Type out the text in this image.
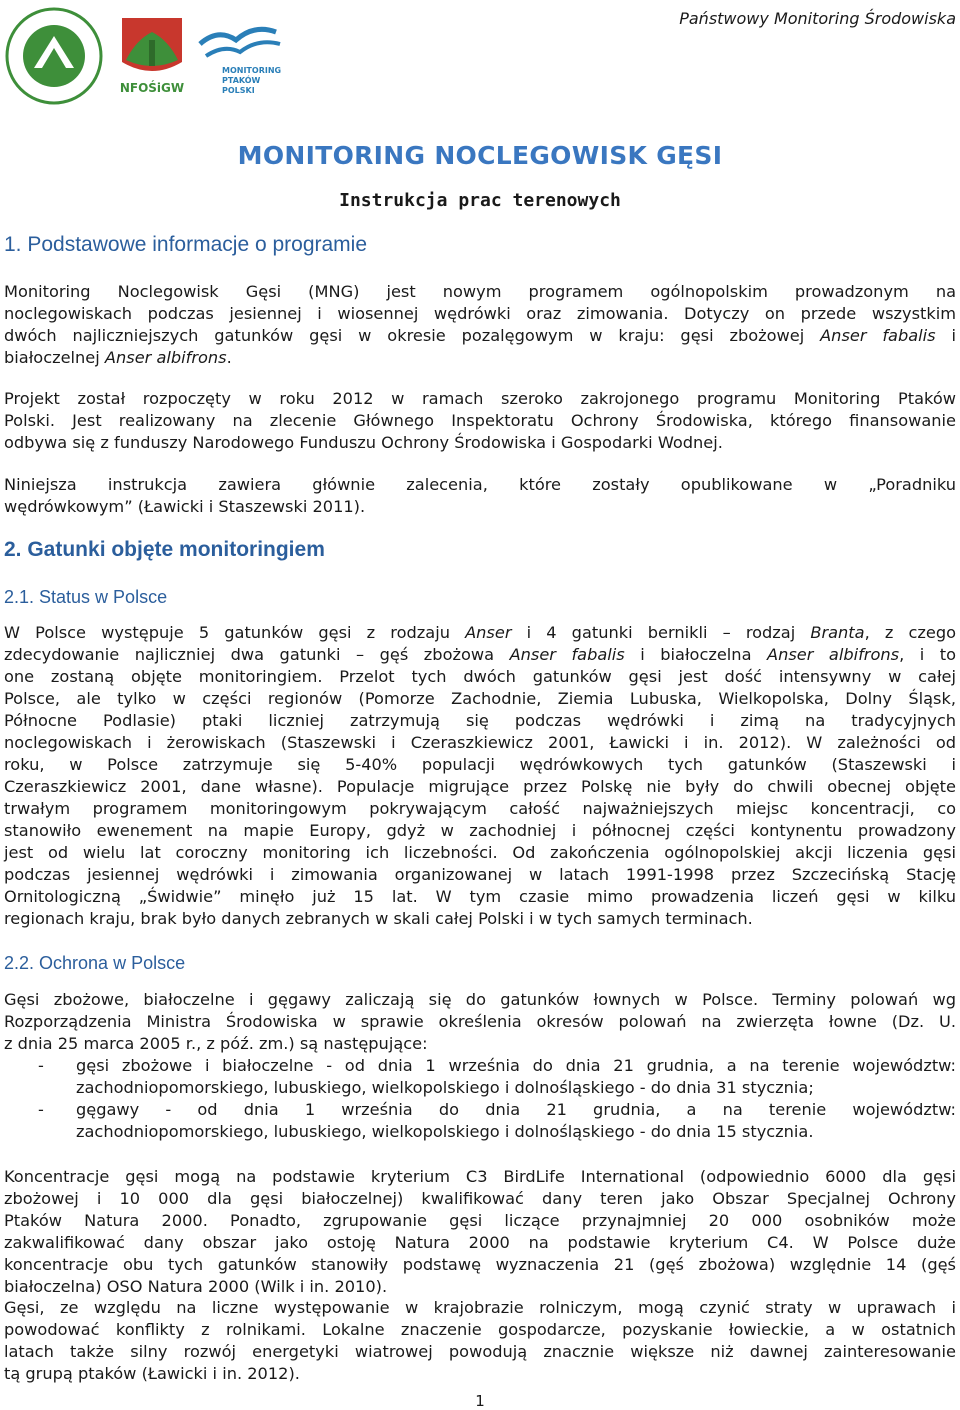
NFOŚiGW
MONITORING
PTAKÓW
POLSKI
Państwowy Monitoring Środowiska
MONITORING NOCLEGOWISK GĘSI
Instrukcja prac terenowych
1. Podstawowe informacje o programie
Monitoring Noclegowisk Gęsi (MNG) jest nowym programem ogólnopolskim prowadzonym na
noclegowiskach podczas jesiennej i wiosennej wędrówki oraz zimowania. Dotyczy on przede wszystkim
dwóch najliczniejszych gatunków gęsi w okresie pozalęgowym w kraju: gęsi zbożowej Anser fabalis i
białoczelnej Anser albifrons.
Projekt został rozpoczęty w roku 2012 w ramach szeroko zakrojonego programu Monitoring Ptaków
Polski. Jest realizowany na zlecenie Głównego Inspektoratu Ochrony Środowiska, którego finansowanie
odbywa się z funduszy Narodowego Funduszu Ochrony Środowiska i Gospodarki Wodnej.
Niniejsza instrukcja zawiera głównie zalecenia, które zostały opublikowane w „Poradniku
wędrówkowym” (Ławicki i Staszewski 2011).
2. Gatunki objęte monitoringiem
2.1. Status w Polsce
W Polsce występuje 5 gatunków gęsi z rodzaju Anser i 4 gatunki bernikli – rodzaj Branta, z czego
zdecydowanie najliczniej dwa gatunki – gęś zbożowa Anser fabalis i białoczelna Anser albifrons, i to
one zostaną objęte monitoringiem. Przelot tych dwóch gatunków gęsi jest dość intensywny w całej
Polsce, ale tylko w części regionów (Pomorze Zachodnie, Ziemia Lubuska, Wielkopolska, Dolny Śląsk,
Północne Podlasie) ptaki liczniej zatrzymują się podczas wędrówki i zimą na tradycyjnych
noclegowiskach i żerowiskach (Staszewski i Czeraszkiewicz 2001, Ławicki i in. 2012). W zależności od
roku, w Polsce zatrzymuje się 5-40% populacji wędrówkowych tych gatunków (Staszewski i
Czeraszkiewicz 2001, dane własne). Populacje migrujące przez Polskę nie były do chwili obecnej objęte
trwałym programem monitoringowym pokrywającym całość najważniejszych miejsc koncentracji, co
stanowiło ewenement na mapie Europy, gdyż w zachodniej i północnej części kontynentu prowadzony
jest od wielu lat coroczny monitoring ich liczebności. Od zakończenia ogólnopolskiej akcji liczenia gęsi
podczas jesiennej wędrówki i zimowania organizowanej w latach 1991-1998 przez Szczecińską Stację
Ornitologiczną „Świdwie” minęło już 15 lat. W tym czasie mimo prowadzenia liczeń gęsi w kilku
regionach kraju, brak było danych zebranych w skali całej Polski i w tych samych terminach.
2.2. Ochrona w Polsce
Gęsi zbożowe, białoczelne i gęgawy zaliczają się do gatunków łownych w Polsce. Terminy polowań wg
Rozporządzenia Ministra Środowiska w sprawie określenia okresów polowań na zwierzęta łowne (Dz. U.
z dnia 25 marca 2005 r., z póź. zm.) są następujące:
- gęsi zbożowe i białoczelne - od dnia 1 września do dnia 21 grudnia, a na terenie województw:
zachodniopomorskiego, lubuskiego, wielkopolskiego i dolnośląskiego - do dnia 31 stycznia;
- gęgawy - od dnia 1 września do dnia 21 grudnia, a na terenie województw:
zachodniopomorskiego, lubuskiego, wielkopolskiego i dolnośląskiego - do dnia 15 stycznia.
Koncentracje gęsi mogą na podstawie kryterium C3 BirdLife International (odpowiednio 6000 dla gęsi
zbożowej i 10 000 dla gęsi białoczelnej) kwalifikować dany teren jako Obszar Specjalnej Ochrony
Ptaków Natura 2000. Ponadto, zgrupowanie gęsi liczące przynajmniej 20 000 osobników może
zakwalifikować dany obszar jako ostoję Natura 2000 na podstawie kryterium C4. W Polsce duże
koncentracje obu tych gatunków stanowiły podstawę wyznaczenia 21 (gęś zbożowa) względnie 14 (gęś
białoczelna) OSO Natura 2000 (Wilk i in. 2010).
Gęsi, ze względu na liczne występowanie w krajobrazie rolniczym, mogą czynić straty w uprawach i
powodować konflikty z rolnikami. Lokalne znaczenie gospodarcze, pozyskanie łowieckie, a w ostatnich
latach także silny rozwój energetyki wiatrowej powodują znacznie większe niż dawnej zainteresowanie
tą grupą ptaków (Ławicki i in. 2012).
1
